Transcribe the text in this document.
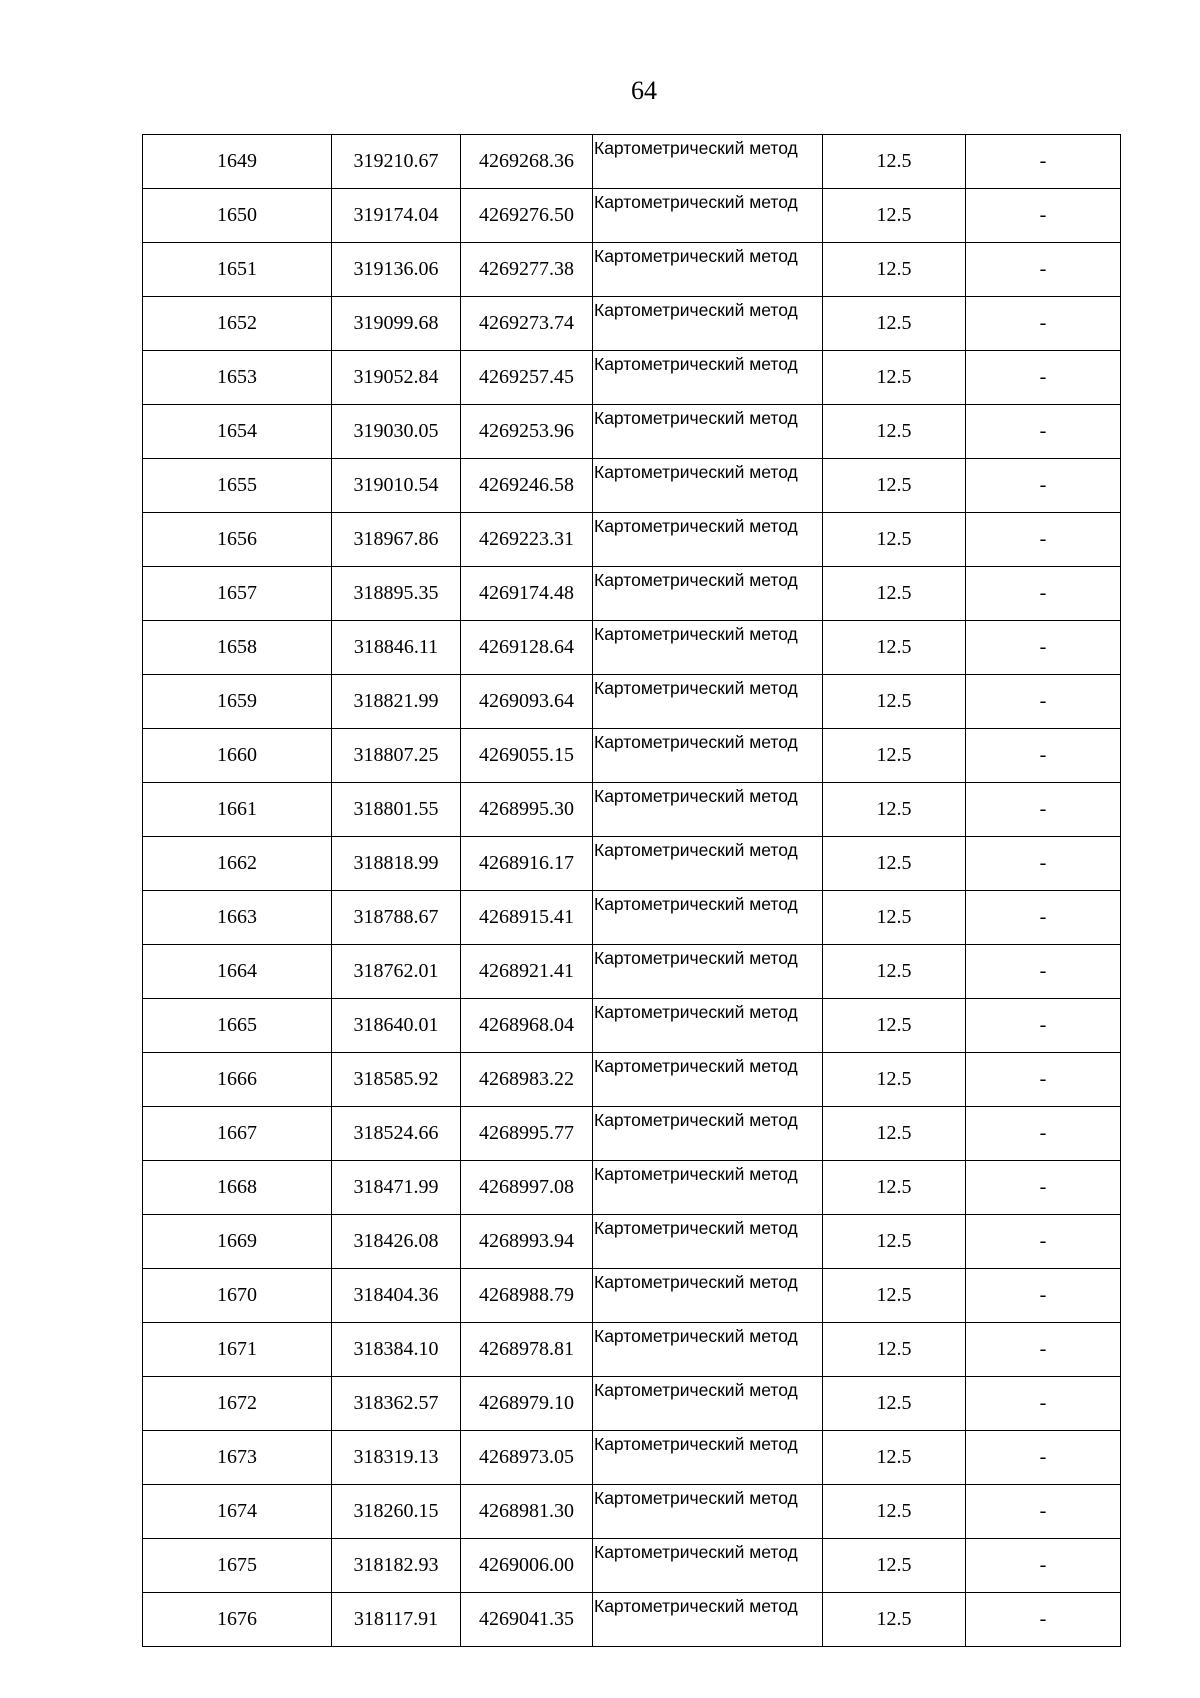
64
1649	319210.67	4269268.36	Картометрический метод	12.5	-
1650	319174.04	4269276.50	Картометрический метод	12.5	-
1651	319136.06	4269277.38	Картометрический метод	12.5	-
1652	319099.68	4269273.74	Картометрический метод	12.5	-
1653	319052.84	4269257.45	Картометрический метод	12.5	-
1654	319030.05	4269253.96	Картометрический метод	12.5	-
1655	319010.54	4269246.58	Картометрический метод	12.5	-
1656	318967.86	4269223.31	Картометрический метод	12.5	-
1657	318895.35	4269174.48	Картометрический метод	12.5	-
1658	318846.11	4269128.64	Картометрический метод	12.5	-
1659	318821.99	4269093.64	Картометрический метод	12.5	-
1660	318807.25	4269055.15	Картометрический метод	12.5	-
1661	318801.55	4268995.30	Картометрический метод	12.5	-
1662	318818.99	4268916.17	Картометрический метод	12.5	-
1663	318788.67	4268915.41	Картометрический метод	12.5	-
1664	318762.01	4268921.41	Картометрический метод	12.5	-
1665	318640.01	4268968.04	Картометрический метод	12.5	-
1666	318585.92	4268983.22	Картометрический метод	12.5	-
1667	318524.66	4268995.77	Картометрический метод	12.5	-
1668	318471.99	4268997.08	Картометрический метод	12.5	-
1669	318426.08	4268993.94	Картометрический метод	12.5	-
1670	318404.36	4268988.79	Картометрический метод	12.5	-
1671	318384.10	4268978.81	Картометрический метод	12.5	-
1672	318362.57	4268979.10	Картометрический метод	12.5	-
1673	318319.13	4268973.05	Картометрический метод	12.5	-
1674	318260.15	4268981.30	Картометрический метод	12.5	-
1675	318182.93	4269006.00	Картометрический метод	12.5	-
1676	318117.91	4269041.35	Картометрический метод	12.5	-
